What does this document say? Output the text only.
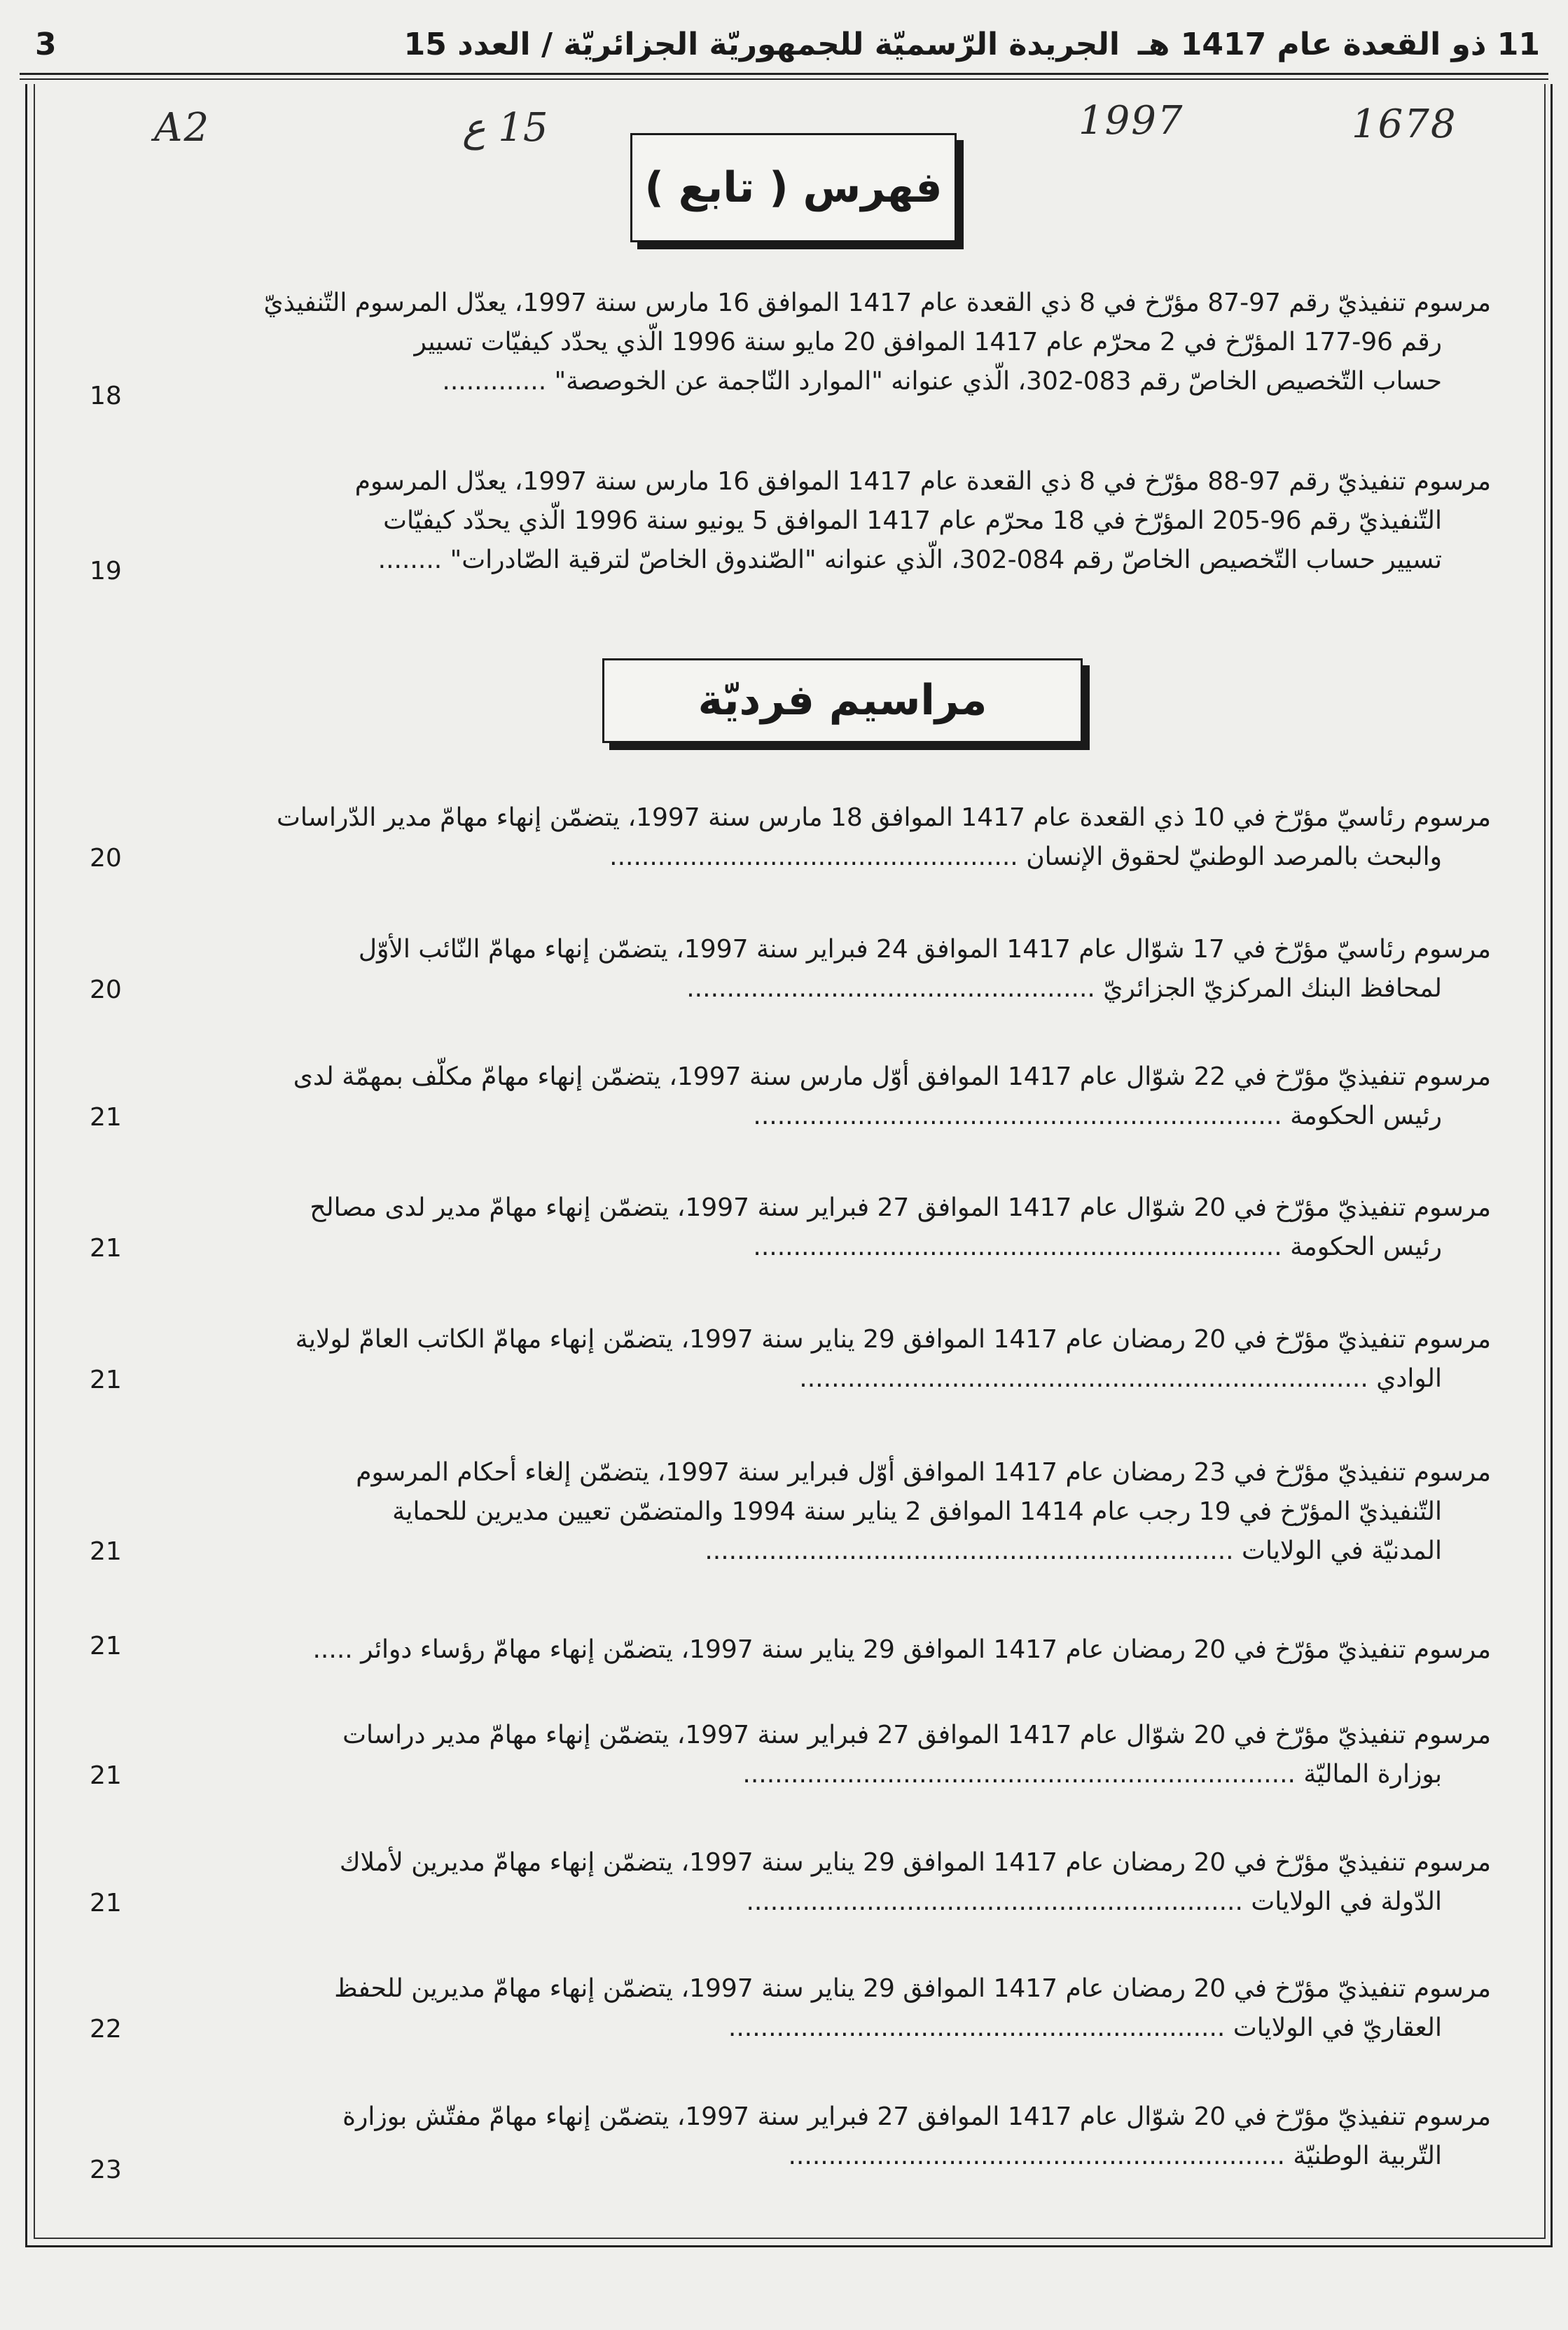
11 ذو القعدة عام 1417 هـ
الجريدة الرّسميّة للجمهوريّة الجزائريّة / العدد 15
3
A2	15 ع	1997	1678
فهرس ( تابع )
مرسوم تنفيذيّ رقم 97-87 مؤرّخ في 8 ذي القعدة عام 1417 الموافق 16 مارس سنة 1997، يعدّل المرسوم التّنفيذيّ
رقم 96-177 المؤرّخ في 2 محرّم عام 1417 الموافق 20 مايو سنة 1996 الّذي يحدّد كيفيّات تسيير
حساب التّخصيص الخاصّ رقم 083-302، الّذي عنوانه "الموارد النّاجمة عن الخوصصة" .............
18
مرسوم تنفيذيّ رقم 97-88 مؤرّخ في 8 ذي القعدة عام 1417 الموافق 16 مارس سنة 1997، يعدّل المرسوم
التّنفيذيّ رقم 96-205 المؤرّخ في 18 محرّم عام 1417 الموافق 5 يونيو سنة 1996 الّذي يحدّد كيفيّات
تسيير حساب التّخصيص الخاصّ رقم 084-302، الّذي عنوانه "الصّندوق الخاصّ لترقية الصّادرات" ........
19
مراسيم فرديّة
مرسوم رئاسيّ مؤرّخ في 10 ذي القعدة عام 1417 الموافق 18 مارس سنة 1997، يتضمّن إنهاء مهامّ مدير الدّراسات
والبحث بالمرصد الوطنيّ لحقوق الإنسان ...................................................
20
مرسوم رئاسيّ مؤرّخ في 17 شوّال عام 1417 الموافق 24 فبراير سنة 1997، يتضمّن إنهاء مهامّ النّائب الأوّل
لمحافظ البنك المركزيّ الجزائريّ ...................................................
20
مرسوم تنفيذيّ مؤرّخ في 22 شوّال عام 1417 الموافق أوّل مارس سنة 1997، يتضمّن إنهاء مهامّ مكلّف بمهمّة لدى
رئيس الحكومة ..................................................................
21
مرسوم تنفيذيّ مؤرّخ في 20 شوّال عام 1417 الموافق 27 فبراير سنة 1997، يتضمّن إنهاء مهامّ مدير لدى مصالح
رئيس الحكومة ..................................................................
21
مرسوم تنفيذيّ مؤرّخ في 20 رمضان عام 1417 الموافق 29 يناير سنة 1997، يتضمّن إنهاء مهامّ الكاتب العامّ لولاية
الوادي .......................................................................
21
مرسوم تنفيذيّ مؤرّخ في 23 رمضان عام 1417 الموافق أوّل فبراير سنة 1997، يتضمّن إلغاء أحكام المرسوم
التّنفيذيّ المؤرّخ في 19 رجب عام 1414 الموافق 2 يناير سنة 1994 والمتضمّن تعيين مديرين للحماية
المدنيّة في الولايات ..................................................................
21
مرسوم تنفيذيّ مؤرّخ في 20 رمضان عام 1417 الموافق 29 يناير سنة 1997، يتضمّن إنهاء مهامّ رؤساء دوائر .....
21
مرسوم تنفيذيّ مؤرّخ في 20 شوّال عام 1417 الموافق 27 فبراير سنة 1997، يتضمّن إنهاء مهامّ مدير دراسات
بوزارة الماليّة .....................................................................
21
مرسوم تنفيذيّ مؤرّخ في 20 رمضان عام 1417 الموافق 29 يناير سنة 1997، يتضمّن إنهاء مهامّ مديرين لأملاك
الدّولة في الولايات ..............................................................
21
مرسوم تنفيذيّ مؤرّخ في 20 رمضان عام 1417 الموافق 29 يناير سنة 1997، يتضمّن إنهاء مهامّ مديرين للحفظ
العقاريّ في الولايات ..............................................................
22
مرسوم تنفيذيّ مؤرّخ في 20 شوّال عام 1417 الموافق 27 فبراير سنة 1997، يتضمّن إنهاء مهامّ مفتّش بوزارة
التّربية الوطنيّة ..............................................................
23
